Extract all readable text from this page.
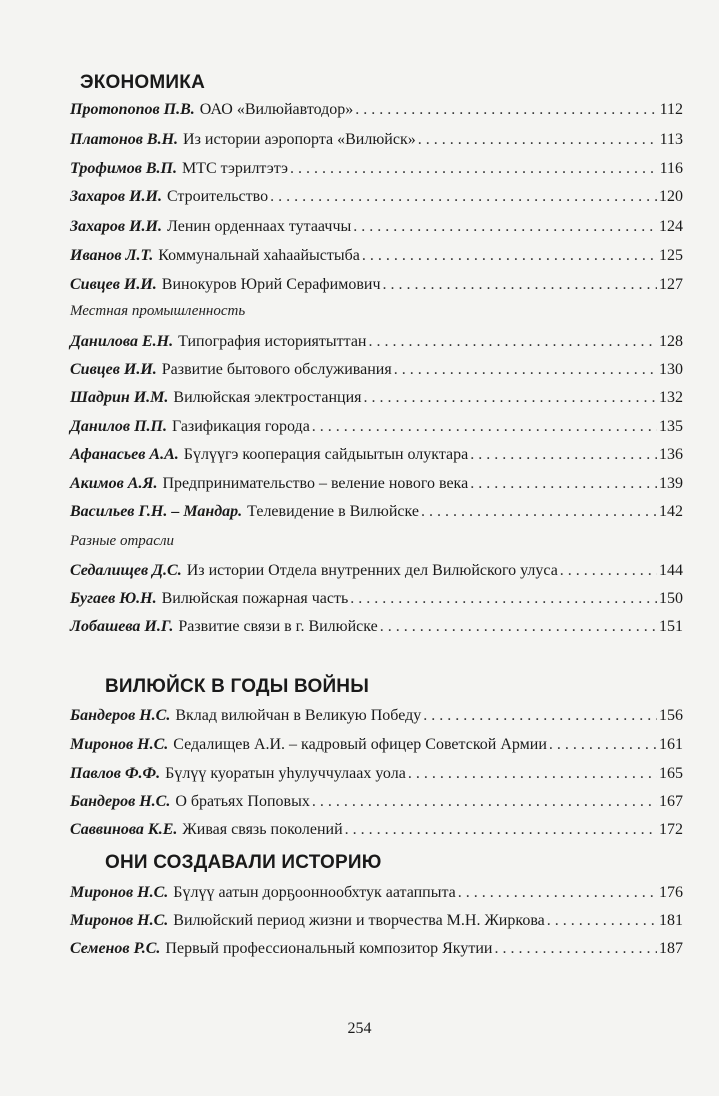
ЭКОНОМИКА
Протопопов П.В. ОАО «Вилюйавтодор» . . .	112
Платонов В.Н. Из истории аэропорта «Вилюйск» . . .	113
Трофимов В.П. МТС тэрилтэтэ . . .	116
Захаров И.И. Строительство . . .	120
Захаров И.И. Ленин орденнаах тутааччы . . .	124
Иванов Л.Т. Коммунальнай хаhаайыстыба . . .	125
Сивцев И.И. Винокуров Юрий Серафимович . . .	127
Местная промышленность
Данилова Е.Н. Типография историятыттан . . .	128
Сивцев И.И. Развитие бытового обслуживания . . .	130
Шадрин И.М. Вилюйская электростанция . . .	132
Данилов П.П. Газификация города . . .	135
Афанасьев А.А. Бүлүүгэ кооперация сайдыытын олуктара . . .	136
Акимов А.Я. Предпринимательство – веление нового века . . .	139
Васильев Г.Н. – Мандар. Телевидение в Вилюйске . . .	142
Разные отрасли
Седалищев Д.С. Из истории Отдела внутренних дел Вилюйского улуса . . .	144
Бугаев Ю.Н. Вилюйская пожарная часть . . .	150
Лобашева И.Г. Развитие связи в г. Вилюйске . . .	151
ВИЛЮЙСК В ГОДЫ ВОЙНЫ
Бандеров Н.С. Вклад вилюйчан в Великую Победу . . .	156
Миронов Н.С. Седалищев А.И. – кадровый офицер Советской Армии . . .	161
Павлов Ф.Ф. Бүлүү куоратын уhулуччулаах уола . . .	165
Бандеров Н.С. О братьях Поповых . . .	167
Саввинова К.Е. Живая связь поколений . . .	172
ОНИ СОЗДАВАЛИ ИСТОРИЮ
Миронов Н.С. Бүлүү аатын дорҕооннообхтук аатаппыта . . .	176
Миронов Н.С. Вилюйский период жизни и творчества М.Н. Жиркова . . .	181
Семенов Р.С. Первый профессиональный композитор Якутии . . .	187
254
